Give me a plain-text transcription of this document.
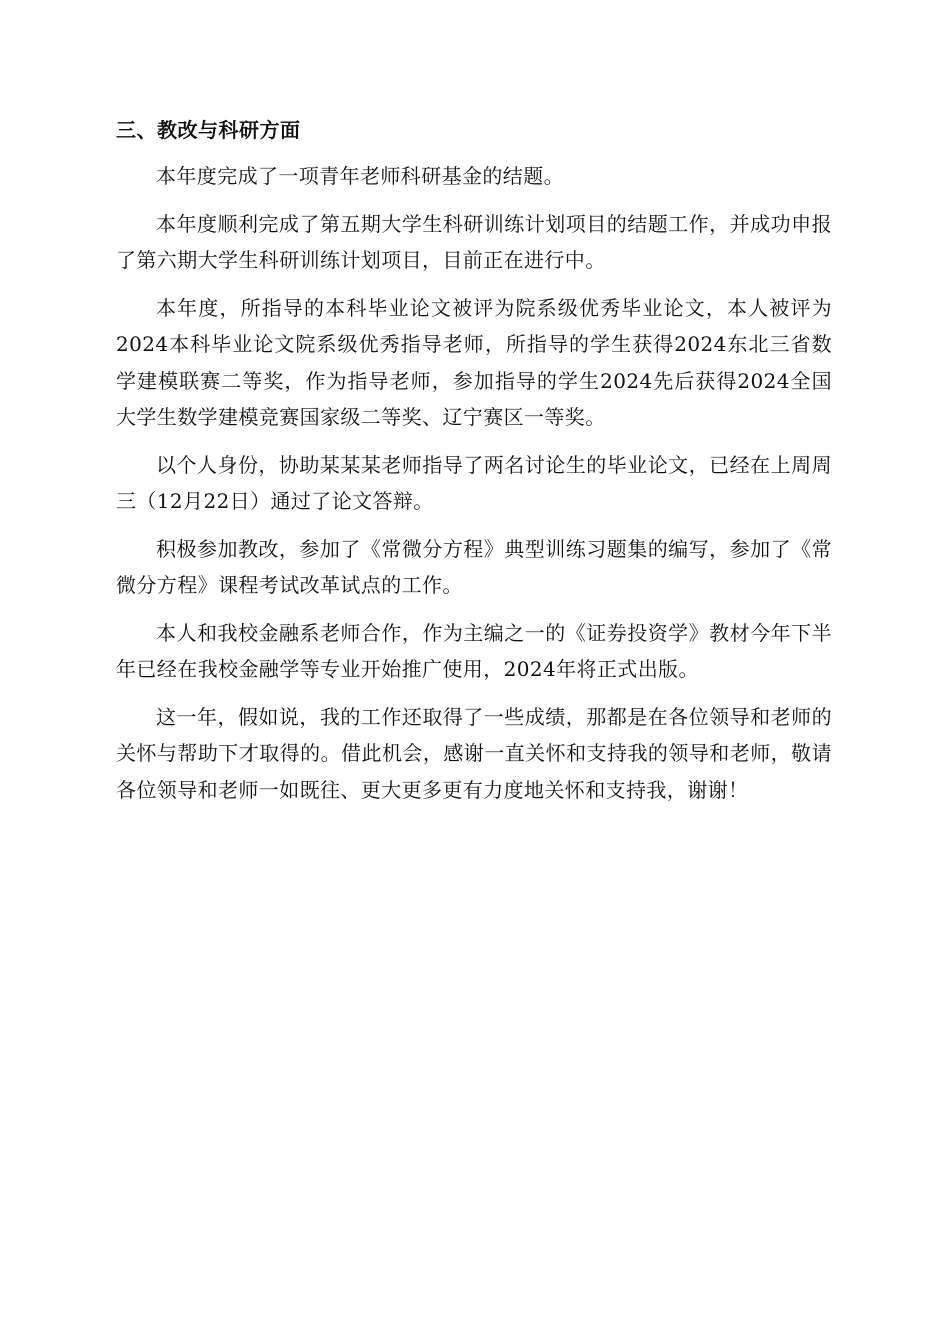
三、教改与科研方面

本年度完成了一项青年老师科研基金的结题。

本年度顺利完成了第五期大学生科研训练计划项目的结题工作，并成功申报了第六期大学生科研训练计划项目，目前正在进行中。

本年度，所指导的本科毕业论文被评为院系级优秀毕业论文，本人被评为2024本科毕业论文院系级优秀指导老师，所指导的学生获得2024东北三省数学建模联赛二等奖，作为指导老师，参加指导的学生2024先后获得2024全国大学生数学建模竞赛国家级二等奖、辽宁赛区一等奖。

以个人身份，协助某某某老师指导了两名讨论生的毕业论文，已经在上周周三（12月22日）通过了论文答辩。

积极参加教改，参加了《常微分方程》典型训练习题集的编写，参加了《常微分方程》课程考试改革试点的工作。

本人和我校金融系老师合作，作为主编之一的《证券投资学》教材今年下半年已经在我校金融学等专业开始推广使用，2024年将正式出版。

这一年，假如说，我的工作还取得了一些成绩，那都是在各位领导和老师的关怀与帮助下才取得的。借此机会，感谢一直关怀和支持我的领导和老师，敬请各位领导和老师一如既往、更大更多更有力度地关怀和支持我，谢谢！
